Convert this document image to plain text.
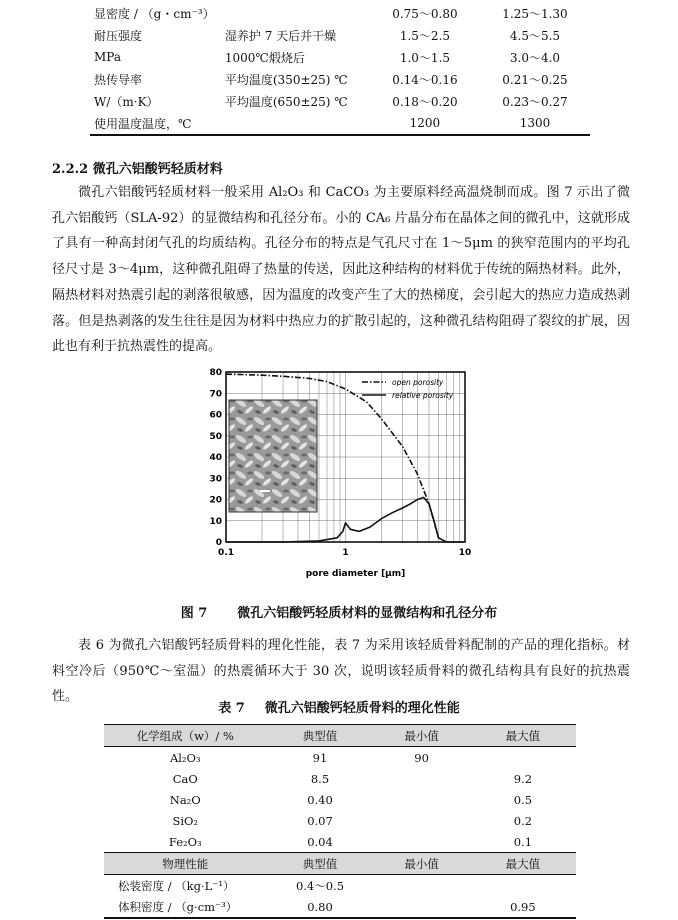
显密度 / （g・cm⁻³）		0.75～0.80	1.25～1.30
耐压强度	湿养护 7 天后并干燥	1.5～2.5	4.5～5.5
MPa	1000℃煅烧后	1.0～1.5	3.0～4.0
热传导率	平均温度(350±25) ℃	0.14～0.16	0.21～0.25
W/（m·K）	平均温度(650±25) ℃	0.18～0.20	0.23～0.27
使用温度温度，℃		1200	1300
2.2.2 微孔六铝酸钙轻质材料

微孔六铝酸钙轻质材料一般采用 Al₂O₃ 和 CaCO₃ 为主要原料经高温烧制而成。图 7 示出了微孔六铝酸钙（SLA-92）的显微结构和孔径分布。小的 CA₆ 片晶分布在晶体之间的微孔中，这就形成了具有一种高封闭气孔的均质结构。孔径分布的特点是气孔尺寸在 1～5μm 的狭窄范围内的平均孔径尺寸是 3～4μm，这种微孔阻碍了热量的传送，因此这种结构的材料优于传统的隔热材料。此外，隔热材料对热震引起的剥落很敏感，因为温度的改变产生了大的热梯度，会引起大的热应力造成热剥落。但是热剥落的发生往往是因为材料中热应力的扩散引起的，这种微孔结构阻碍了裂纹的扩展，因此也有利于抗热震性的提高。

0
10
20
30
40
50
60
70
80
0.1	1	10
pore diameter [µm]
open porosity
relative porosity
图 7 微孔六铝酸钙轻质材料的显微结构和孔径分布

表 6 为微孔六铝酸钙轻质骨料的理化性能，表 7 为采用该轻质骨料配制的产品的理化指标。材料空冷后（950℃～室温）的热震循环大于 30 次，说明该轻质骨料的微孔结构具有良好的抗热震性。

表 7 微孔六铝酸钙轻质骨料的理化性能
化学组成（w）/ %	典型值	最小值	最大值
Al₂O₃	91	90	
CaO	8.5		9.2
Na₂O	0.40		0.5
SiO₂	0.07		0.2
Fe₂O₃	0.04		0.1
物理性能	典型值	最小值	最大值
松装密度 / （kg·L⁻¹）	0.4～0.5		
体积密度 / （g·cm⁻³）	0.80		0.95
